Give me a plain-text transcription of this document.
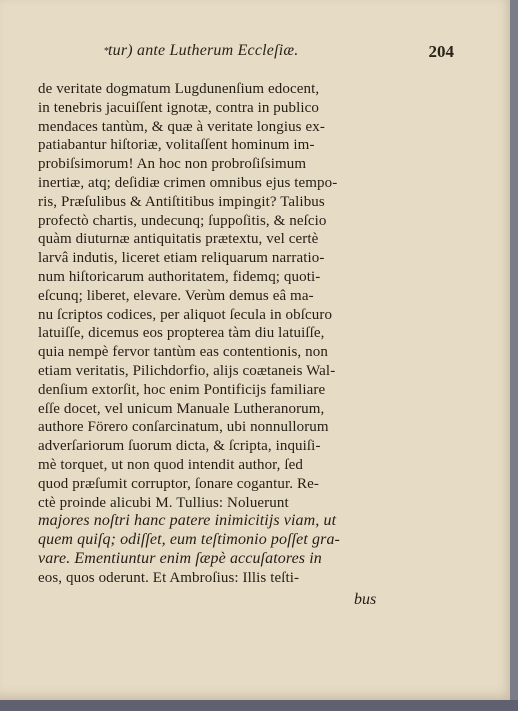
* tur) ante Lutherum Eccleſiæ.	204
de veritate dogmatum Lugdunenſium edocent,
in tenebris jacuiſſent ignotæ, contra in publico
mendaces tantùm, & quæ à veritate longius ex-
patiabantur hiſtoriæ, volitaſſent hominum im-
probiſsimorum! An hoc non probroſiſsimum
inertiæ, atq; deſidiæ crimen omnibus ejus tempo-
ris, Præſulibus & Antiſtitibus impingit? Talibus
profectò chartis, undecunq; ſuppoſitis, & neſcio
quàm diuturnæ antiquitatis prætextu, vel certè
larvâ indutis, liceret etiam reliquarum narratio-
num hiſtoricarum authoritatem, fidemq; quoti-
eſcunq; liberet, elevare. Verùm demus eâ ma-
nu ſcriptos codices, per aliquot ſecula in obſcuro
latuiſſe, dicemus eos propterea tàm diu latuiſſe,
quia nempè fervor tantùm eas contentionis, non
etiam veritatis, Pilichdorfio, alijs coætaneis Wal-
denſium extorſit, hoc enim Pontificijs familiare
eſſe docet, vel unicum Manuale Lutheranorum,
authore Förero conſarcinatum, ubi nonnullorum
adverſariorum ſuorum dicta, & ſcripta, inquiſi-
mè torquet, ut non quod intendit author, ſed
quod præſumit corruptor, ſonare cogantur. Re-
ctè proinde alicubi M. Tullius: Noluerunt
majores noſtri hanc patere inimicitijs viam, ut
quem quiſq; odiſſet, eum teſtimonio poſſet gra-
vare. Ementiuntur enim ſæpè accuſatores in
eos, quos oderunt. Et Ambroſius: Illis teſti-
bus
